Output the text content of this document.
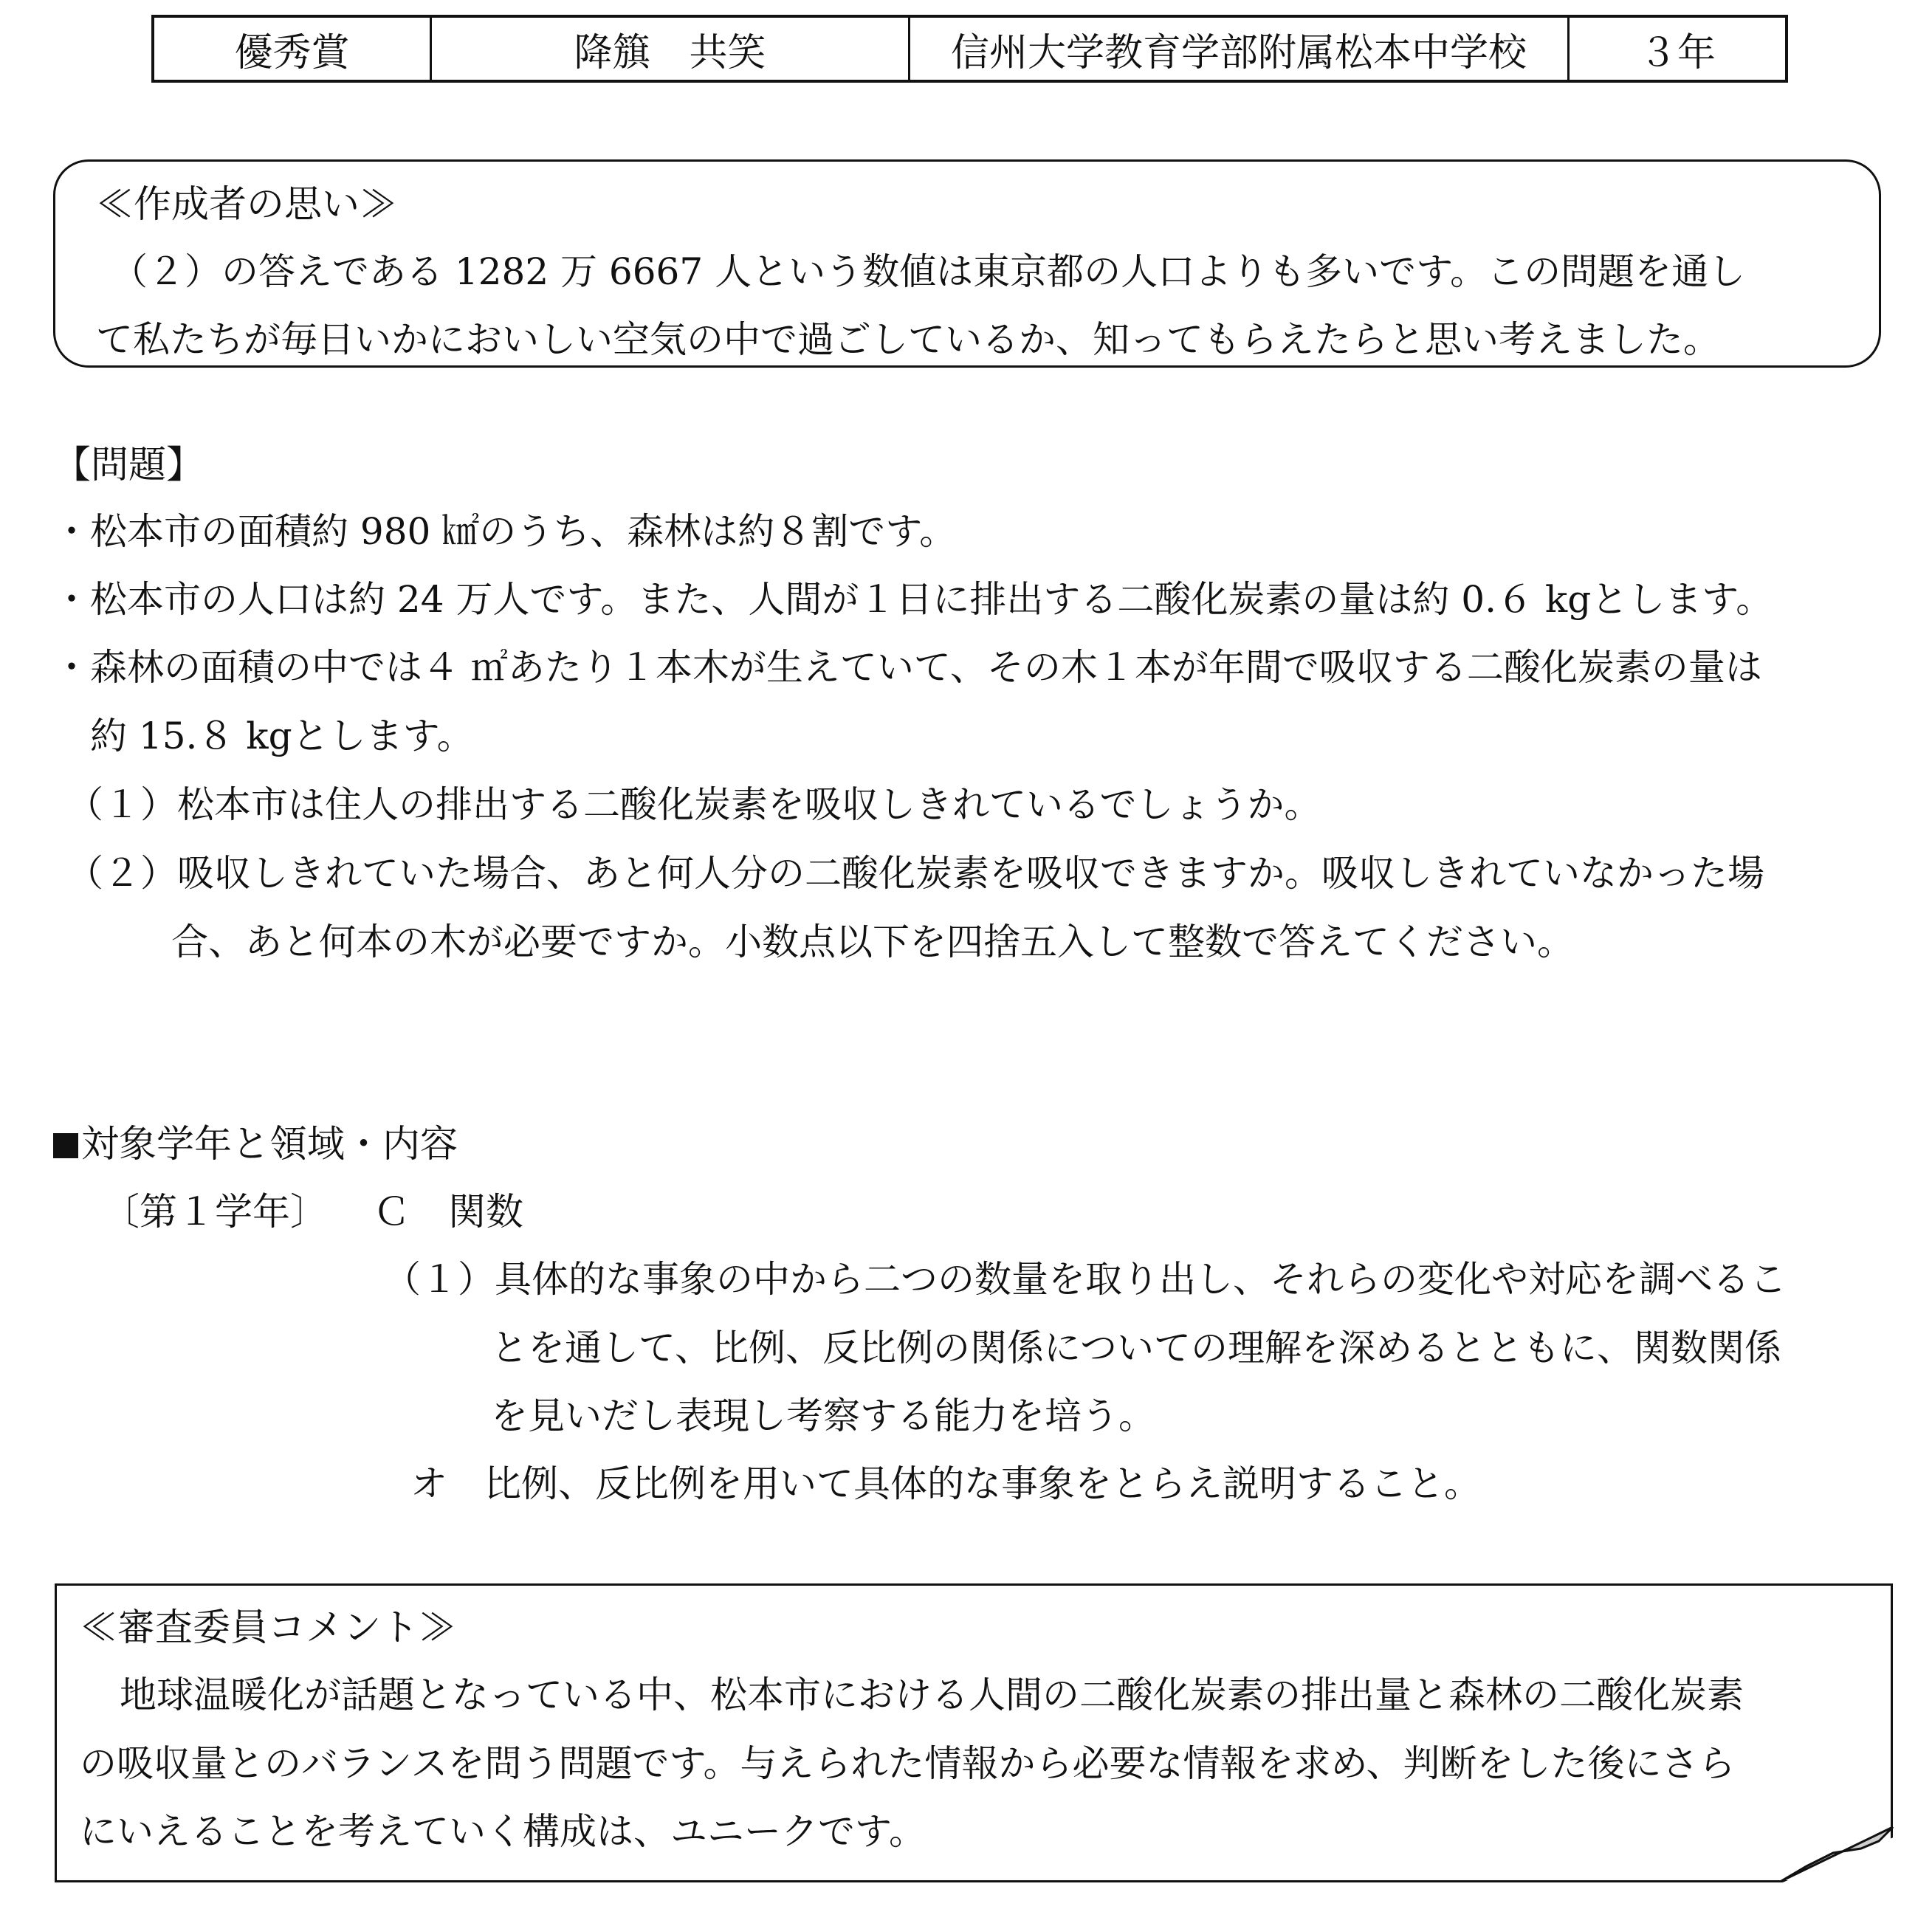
優秀賞	降簱　共笑	信州大学教育学部附属松本中学校	３年
≪作成者の思い≫
（２）の答えである 1282 万 6667 人という数値は東京都の人口よりも多いです。この問題を通し
て私たちが毎日いかにおいしい空気の中で過ごしているか、知ってもらえたらと思い考えました。
【問題】
・松本市の面積約 980 ㎢のうち、森林は約８割です。
・松本市の人口は約 24 万人です。また、人間が１日に排出する二酸化炭素の量は約 0.６ kgとします。
・森林の面積の中では４ ㎡あたり１本木が生えていて、その木１本が年間で吸収する二酸化炭素の量は
約 15.８ kgとします。
（１）松本市は住人の排出する二酸化炭素を吸収しきれているでしょうか。
（２）吸収しきれていた場合、あと何人分の二酸化炭素を吸収できますか。吸収しきれていなかった場
合、あと何本の木が必要ですか。小数点以下を四捨五入して整数で答えてください。
対象学年と領域・内容
〔第１学年〕 Ｃ　関数
（１）具体的な事象の中から二つの数量を取り出し、それらの変化や対応を調べるこ
とを通して、比例、反比例の関係についての理解を深めるとともに、関数関係
を見いだし表現し考察する能力を培う。
オ　比例、反比例を用いて具体的な事象をとらえ説明すること。
≪審査委員コメント≫
地球温暖化が話題となっている中、松本市における人間の二酸化炭素の排出量と森林の二酸化炭素
の吸収量とのバランスを問う問題です。与えられた情報から必要な情報を求め、判断をした後にさら
にいえることを考えていく構成は、ユニークです。
